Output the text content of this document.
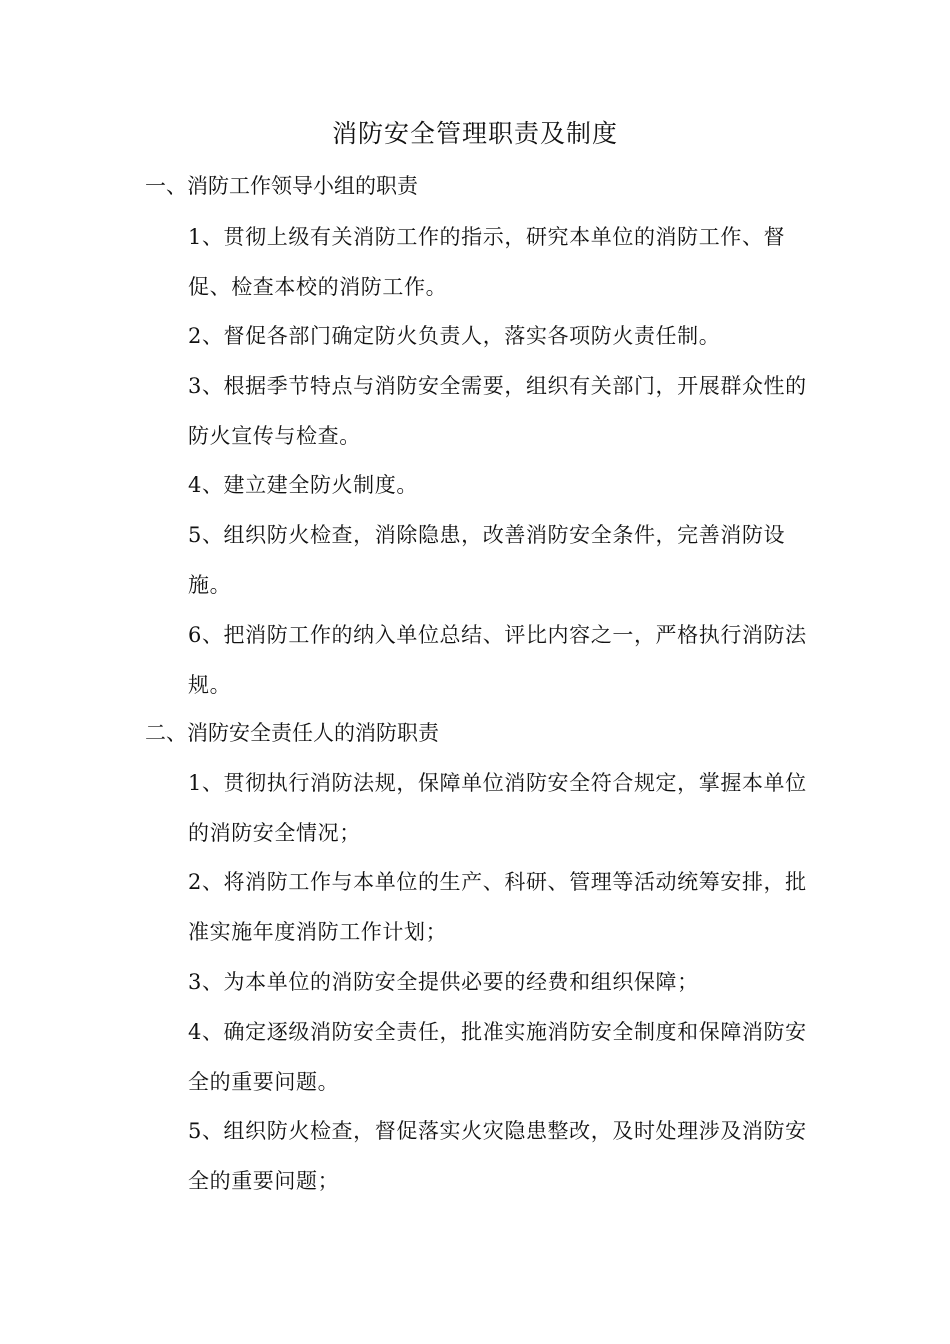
消防安全管理职责及制度
一、消防工作领导小组的职责
1、贯彻上级有关消防工作的指示，研究本单位的消防工作、督促、检查本校的消防工作。
2、督促各部门确定防火负责人，落实各项防火责任制。
3、根据季节特点与消防安全需要，组织有关部门，开展群众性的防火宣传与检查。
4、建立建全防火制度。
5、组织防火检查，消除隐患，改善消防安全条件，完善消防设施。
6、把消防工作的纳入单位总结、评比内容之一，严格执行消防法规。
二、消防安全责任人的消防职责
1、贯彻执行消防法规，保障单位消防安全符合规定，掌握本单位的消防安全情况；
2、将消防工作与本单位的生产、科研、管理等活动统筹安排，批准实施年度消防工作计划；
3、为本单位的消防安全提供必要的经费和组织保障；
4、确定逐级消防安全责任，批准实施消防安全制度和保障消防安全的重要问题。
5、组织防火检查，督促落实火灾隐患整改，及时处理涉及消防安全的重要问题；
